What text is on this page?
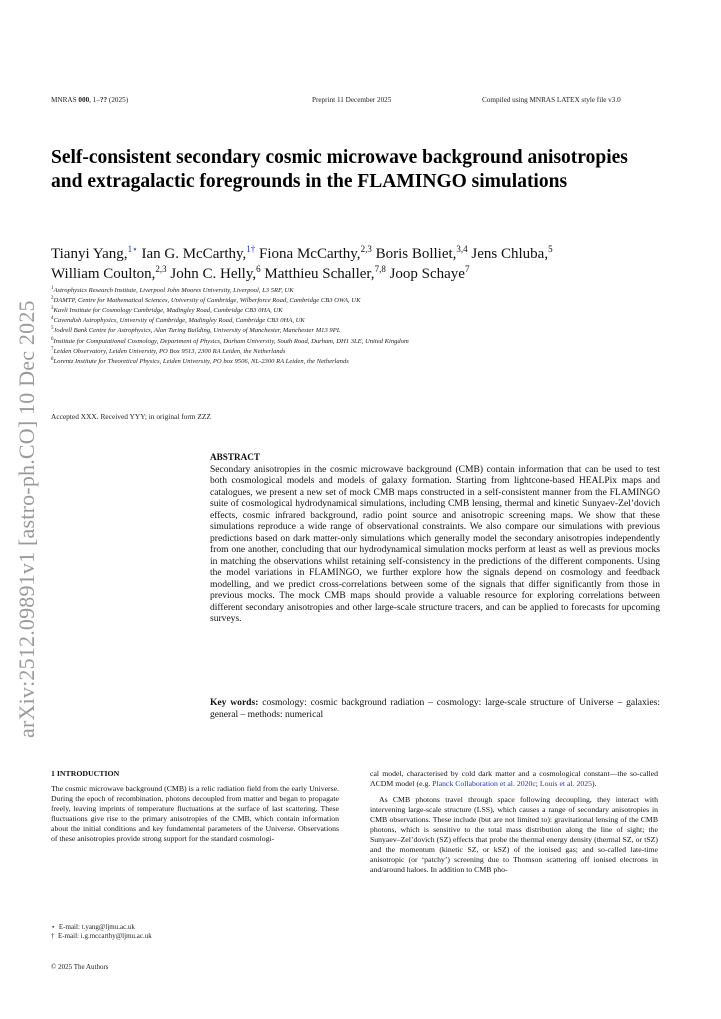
MNRAS 000, 1–?? (2025)	Preprint 11 December 2025	Compiled using MNRAS LATEX style file v3.0
arXiv:2512.09891v1 [astro-ph.CO] 10 Dec 2025
Self-consistent secondary cosmic microwave background anisotropies and extragalactic foregrounds in the FLAMINGO simulations
Tianyi Yang,$^{1⋆}$ Ian G. McCarthy,$^{1\dagger}$ Fiona McCarthy,$^{2,3}$ Boris Bolliet,$^{3,4}$ Jens Chluba,$^5$
William Coulton,$^{2,3}$ John C. Helly,$^6$ Matthieu Schaller,$^{7,8}$ Joop Schaye$^7$
$^1$Astrophysics Research Institute, Liverpool John Moores University, Liverpool, L3 5RF, UK
$^2$DAMTP, Centre for Mathematical Sciences, University of Cambridge, Wilberforce Road, Cambridge CB3 OWA, UK
$^3$Kavli Institute for Cosmology Cambridge, Madingley Road, Cambridge CB3 0HA, UK
$^4$Cavendish Astrophysics, University of Cambridge, Madingley Road, Cambridge CB3 0HA, UK
$^5$Jodrell Bank Centre for Astrophysics, Alan Turing Building, University of Manchester, Manchester M13 9PL
$^6$Institute for Computational Cosmology, Department of Physics, Durham University, South Road, Durham, DH1 3LE, United Kingdom
$^7$Leiden Observatory, Leiden University, PO Box 9513, 2300 RA Leiden, the Netherlands
$^8$Lorentz Institute for Theoretical Physics, Leiden University, PO box 9506, NL-2300 RA Leiden, the Netherlands
Accepted XXX. Received YYY; in original form ZZZ
ABSTRACT
Secondary anisotropies in the cosmic microwave background (CMB) contain information that can be used to test both cosmological models and models of galaxy formation. Starting from lightcone-based HEALPix maps and catalogues, we present a new set of mock CMB maps constructed in a self-consistent manner from the FLAMINGO suite of cosmological hydrodynamical simulations, including CMB lensing, thermal and kinetic Sunyaev-Zel’dovich effects, cosmic infrared background, radio point source and anisotropic screening maps. We show that these simulations reproduce a wide range of observational constraints. We also compare our simulations with previous predictions based on dark matter-only simulations which generally model the secondary anisotropies independently from one another, concluding that our hydrodynamical simulation mocks perform at least as well as previous mocks in matching the observations whilst retaining self-consistency in the predictions of the different components. Using the model variations in FLAMINGO, we further explore how the signals depend on cosmology and feedback modelling, and we predict cross-correlations between some of the signals that differ significantly from those in previous mocks. The mock CMB maps should provide a valuable resource for exploring correlations between different secondary anisotropies and other large-scale structure tracers, and can be applied to forecasts for upcoming surveys.
Key words: cosmology: cosmic background radiation – cosmology: large-scale structure of Universe – galaxies: general – methods: numerical
1 INTRODUCTION

The cosmic microwave background (CMB) is a relic radiation field from the early Universe. During the epoch of recombination, photons decoupled from matter and began to propagate freely, leaving imprints of temperature fluctuations at the surface of last scattering. These fluctuations give rise to the primary anisotropies of the CMB, which contain information about the initial conditions and key fundamental parameters of the Universe. Observations of these anisotropies provide strong support for the standard cosmologi-

cal model, characterised by cold dark matter and a cosmological constant—the so-called ΛCDM model (e.g. Planck Collaboration et al. 2020c; Louis et al. 2025).

As CMB photons travel through space following decoupling, they interact with intervening large-scale structure (LSS), which causes a range of secondary anisotropies in CMB observations. These include (but are not limited to): gravitational lensing of the CMB photons, which is sensitive to the total mass distribution along the line of sight; the Sunyaev–Zel’dovich (SZ) effects that probe the thermal energy density (thermal SZ, or tSZ) and the momentum (kinetic SZ, or kSZ) of the ionised gas; and so-called late-time anisotropic (or ‘patchy’) screening due to Thomson scattering off ionised electrons in and/around haloes. In addition to CMB pho-

⋆ E-mail: t.yang@ljmu.ac.uk
† E-mail: i.g.mccarthy@ljmu.ac.uk
© 2025 The Authors
